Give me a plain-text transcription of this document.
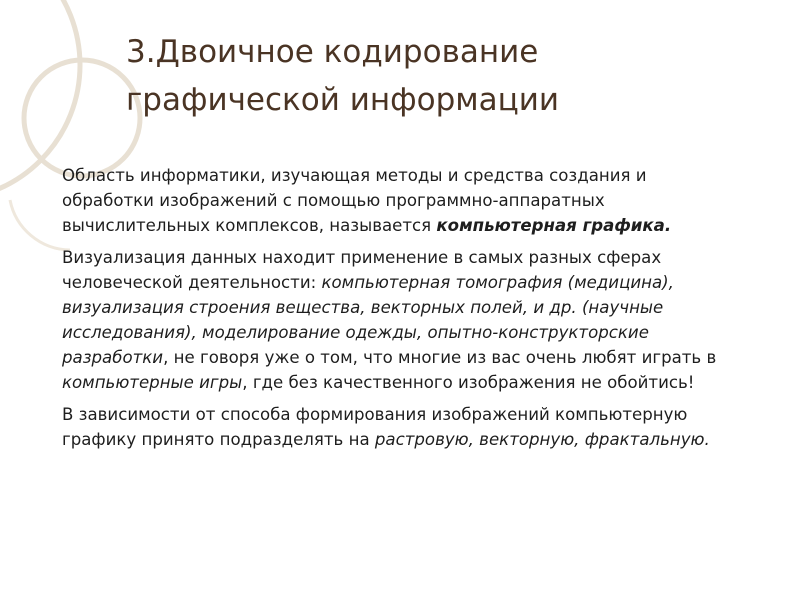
3.Двоичное кодирование
графической информации

Область информатики, изучающая методы и средства создания и обработки изображений с помощью программно-аппаратных вычислительных комплексов, называется компьютерная графика.

Визуализация данных находит применение в самых разных сферах человеческой деятельности: компьютерная томография (медицина), визуализация строения вещества, векторных полей, и др. (научные исследования), моделирование одежды, опытно-конструкторские разработки, не говоря уже о том, что многие из вас очень любят играть в компьютерные игры, где без качественного изображения не обойтись!

В зависимости от способа формирования изображений компьютерную графику принято подразделять на растровую, векторную, фрактальную.
